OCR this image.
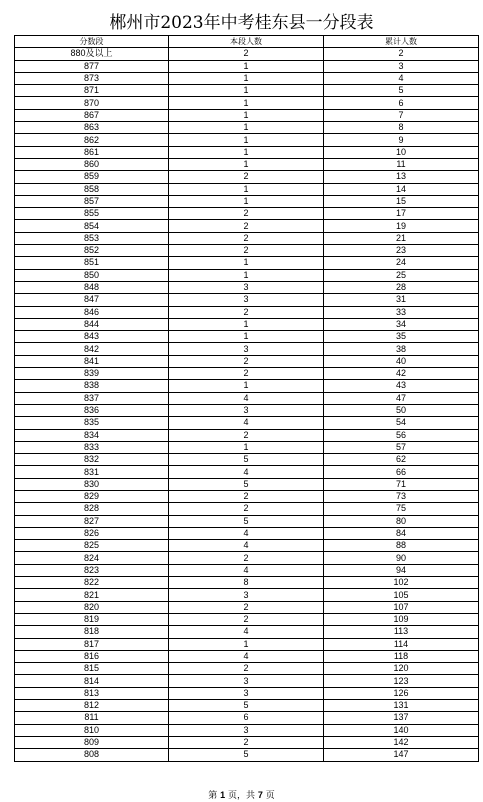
郴州市2023年中考桂东县一分段表
分数段	本段人数	累计人数
880及以上	2	2
877	1	3
873	1	4
871	1	5
870	1	6
867	1	7
863	1	8
862	1	9
861	1	10
860	1	11
859	2	13
858	1	14
857	1	15
855	2	17
854	2	19
853	2	21
852	2	23
851	1	24
850	1	25
848	3	28
847	3	31
846	2	33
844	1	34
843	1	35
842	3	38
841	2	40
839	2	42
838	1	43
837	4	47
836	3	50
835	4	54
834	2	56
833	1	57
832	5	62
831	4	66
830	5	71
829	2	73
828	2	75
827	5	80
826	4	84
825	4	88
824	2	90
823	4	94
822	8	102
821	3	105
820	2	107
819	2	109
818	4	113
817	1	114
816	4	118
815	2	120
814	3	123
813	3	126
812	5	131
811	6	137
810	3	140
809	2	142
808	5	147
第 1 页，共 7 页
